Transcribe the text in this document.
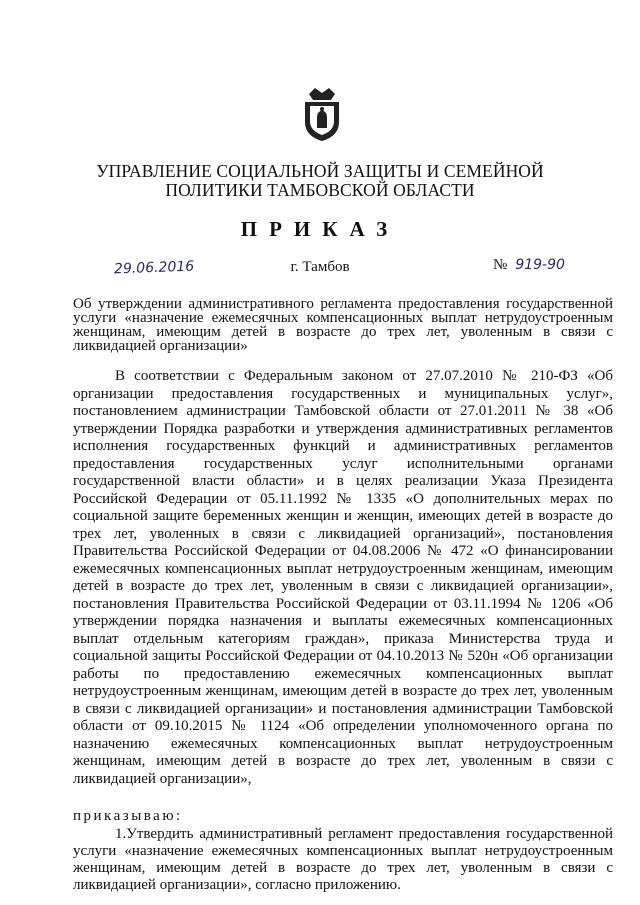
УПРАВЛЕНИЕ СОЦИАЛЬНОЙ ЗАЩИТЫ И СЕМЕЙНОЙ ПОЛИТИКИ ТАМБОВСКОЙ ОБЛАСТИ
ПРИКАЗ
29.06.2016	г. Тамбов	№ 919-90
Об утверждении административного регламента предоставления государственной услуги «назначение ежемесячных компенсационных выплат нетрудоустроенным женщинам, имеющим детей в возрасте до трех лет, уволенным в связи с ликвидацией организации»
В соответствии с Федеральным законом от 27.07.2010 № 210-ФЗ «Об организации предоставления государственных и муниципальных услуг», постановлением администрации Тамбовской области от 27.01.2011 № 38 «Об утверждении Порядка разработки и утверждения административных регламентов исполнения государственных функций и административных регламентов предоставления государственных услуг исполнительными органами государственной власти области» и в целях реализации Указа Президента Российской Федерации от 05.11.1992 № 1335 «О дополнительных мерах по социальной защите беременных женщин и женщин, имеющих детей в возрасте до трех лет, уволенных в связи с ликвидацией организаций», постановления Правительства Российской Федерации от 04.08.2006 № 472 «О финансировании ежемесячных компенсационных выплат нетрудоустроенным женщинам, имеющим детей в возрасте до трех лет, уволенным в связи с ликвидацией организации», постановления Правительства Российской Федерации от 03.11.1994 № 1206 «Об утверждении порядка назначения и выплаты ежемесячных компенсационных выплат отдельным категориям граждан», приказа Министерства труда и социальной защиты Российской Федерации от 04.10.2013 № 520н «Об организации работы по предоставлению ежемесячных компенсационных выплат нетрудоустроенным женщинам, имеющим детей в возрасте до трех лет, уволенным в связи с ликвидацией организации» и постановления администрации Тамбовской области от 09.10.2015 № 1124 «Об определении уполномоченного органа по назначению ежемесячных компенсационных выплат нетрудоустроенным женщинам, имеющим детей в возрасте до трех лет, уволенным в связи с ликвидацией организации»,
приказываю:
1.Утвердить административный регламент предоставления государственной услуги «назначение ежемесячных компенсационных выплат нетрудоустроенным женщинам, имеющим детей в возрасте до трех лет, уволенным в связи с ликвидацией организации», согласно приложению.
